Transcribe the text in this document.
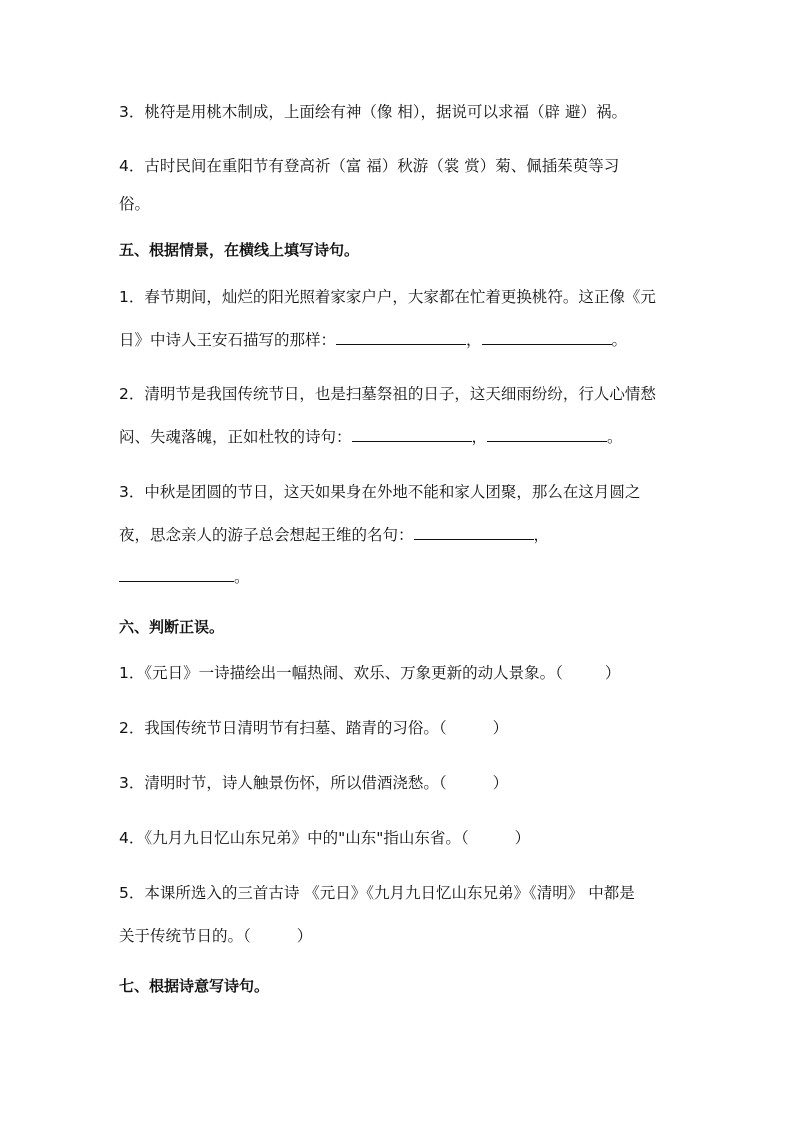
3．桃符是用桃木制成，上面绘有神（像 相），据说可以求福（辟 避）祸。
4．古时民间在重阳节有登高祈（富 福）秋游（裳 赏）菊、佩插茱萸等习
俗。
五、根据情景，在横线上填写诗句。
1．春节期间，灿烂的阳光照着家家户户，大家都在忙着更换桃符。这正像《元
日》中诗人王安石描写的那样：	，	。
2．清明节是我国传统节日，也是扫墓祭祖的日子，这天细雨纷纷，行人心情愁
闷、失魂落魄，正如杜牧的诗句：	，	。
3．中秋是团圆的节日，这天如果身在外地不能和家人团聚，那么在这月圆之
夜，思念亲人的游子总会想起王维的名句：	，
。
六、判断正误。
1．《元日》一诗描绘出一幅热闹、欢乐、万象更新的动人景象。（	）
2．我国传统节日清明节有扫墓、踏青的习俗。（	）
3．清明时节，诗人触景伤怀，所以借酒浇愁。（	）
4．《九月九日忆山东兄弟》中的"山东"指山东省。（	）
5．本课所选入的三首古诗 《元日》《九月九日忆山东兄弟》《清明》 中都是
关于传统节日的。（	）
七、根据诗意写诗句。
